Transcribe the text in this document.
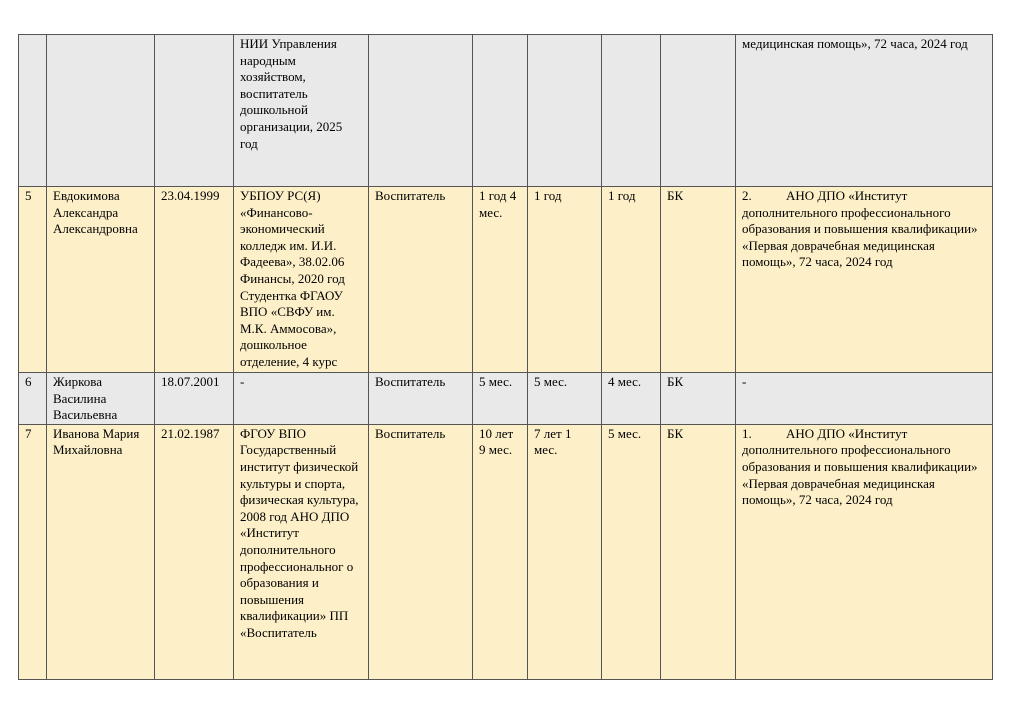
			НИИ Управления народным хозяйством, воспитатель дошкольной организации, 2025 год						медицинская помощь», 72 часа, 2024 год
5	Евдокимова Александра Александровна	23.04.1999	УБПОУ РС(Я) «Финансово-экономический колледж им. И.И. Фадеева», 38.02.06 Финансы, 2020 год Студентка ФГАОУ ВПО «СВФУ им. М.К. Аммосова», дошкольное отделение, 4 курс	Воспитатель	1 год 4 мес.	1 год	1 год	БК	2. АНО ДПО «Институт дополнительного профессионального образования и повышения квалификации» «Первая доврачебная медицинская помощь», 72 часа, 2024 год
6	Жиркова Василина Васильевна	18.07.2001	-	Воспитатель	5 мес.	5 мес.	4 мес.	БК	-
7	Иванова Мария Михайловна	21.02.1987	ФГОУ ВПО Государственный институт физической культуры и спорта, физическая культура, 2008 год АНО ДПО «Институт дополнительного профессиональног о образования и повышения квалификации» ПП «Воспитатель	Воспитатель	10 лет 9 мес.	7 лет 1 мес.	5 мес.	БК	1. АНО ДПО «Институт дополнительного профессионального образования и повышения квалификации» «Первая доврачебная медицинская помощь», 72 часа, 2024 год
